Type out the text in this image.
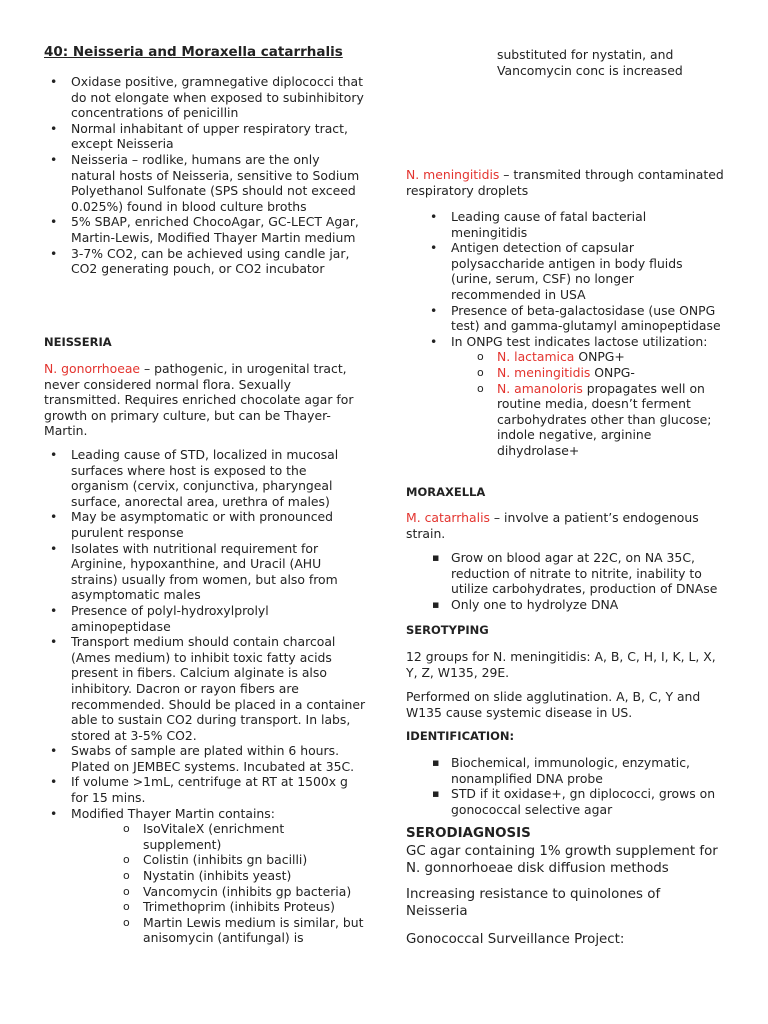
40: Neisseria and Moraxella catarrhalis
• Oxidase positive, gramnegative diplococci that do not elongate when exposed to subinhibitory concentrations of penicillin
• Normal inhabitant of upper respiratory tract, except Neisseria
• Neisseria – rodlike, humans are the only natural hosts of Neisseria, sensitive to Sodium Polyethanol Sulfonate (SPS should not exceed 0.025%) found in blood culture broths
• 5% SBAP, enriched ChocoAgar, GC-LECT Agar, Martin-Lewis, Modified Thayer Martin medium
• 3-7% CO2, can be achieved using candle jar, CO2 generating pouch, or CO2 incubator
NEISSERIA

N. gonorrhoeae – pathogenic, in urogenital tract, never considered normal flora. Sexually transmitted. Requires enriched chocolate agar for growth on primary culture, but can be Thayer-Martin.

• Leading cause of STD, localized in mucosal surfaces where host is exposed to the organism (cervix, conjunctiva, pharyngeal surface, anorectal area, urethra of males)
• May be asymptomatic or with pronounced purulent response
• Isolates with nutritional requirement for Arginine, hypoxanthine, and Uracil (AHU strains) usually from women, but also from asymptomatic males
• Presence of polyl-hydroxylprolyl aminopeptidase
• Transport medium should contain charcoal (Ames medium) to inhibit toxic fatty acids present in fibers. Calcium alginate is also inhibitory. Dacron or rayon fibers are recommended. Should be placed in a container able to sustain CO2 during transport. In labs, stored at 3-5% CO2.
• Swabs of sample are plated within 6 hours. Plated on JEMBEC systems. Incubated at 35C.
• If volume >1mL, centrifuge at RT at 1500x g for 15 mins.
• Modified Thayer Martin contains:
o IsoVitaleX (enrichment supplement)
o Colistin (inhibits gn bacilli)
o Nystatin (inhibits yeast)
o Vancomycin (inhibits gp bacteria)
o Trimethoprim (inhibits Proteus)
o Martin Lewis medium is similar, but anisomycin (antifungal) is

substituted for nystatin, and Vancomycin conc is increased

N. meningitidis – transmited through contaminated respiratory droplets

• Leading cause of fatal bacterial meningitidis
• Antigen detection of capsular polysaccharide antigen in body fluids (urine, serum, CSF) no longer recommended in USA
• Presence of beta-galactosidase (use ONPG test) and gamma-glutamyl aminopeptidase
• In ONPG test indicates lactose utilization:
o N. lactamica ONPG+
o N. meningitidis ONPG-
o N. amanoloris propagates well on routine media, doesn’t ferment carbohydrates other than glucose; indole negative, arginine dihydrolase+
MORAXELLA

M. catarrhalis – involve a patient’s endogenous strain.

▪ Grow on blood agar at 22C, on NA 35C, reduction of nitrate to nitrite, inability to utilize carbohydrates, production of DNAse
▪ Only one to hydrolyze DNA
SEROTYPING

12 groups for N. meningitidis: A, B, C, H, I, K, L, X, Y, Z, W135, 29E.

Performed on slide agglutination. A, B, C, Y and W135 cause systemic disease in US.

IDENTIFICATION:
▪ Biochemical, immunologic, enzymatic, nonamplified DNA probe
▪ STD if it oxidase+, gn diplococci, grows on gonococcal selective agar
SERODIAGNOSIS

GC agar containing 1% growth supplement for N. gonnorhoeae disk diffusion methods

Increasing resistance to quinolones of Neisseria

Gonococcal Surveillance Project:
